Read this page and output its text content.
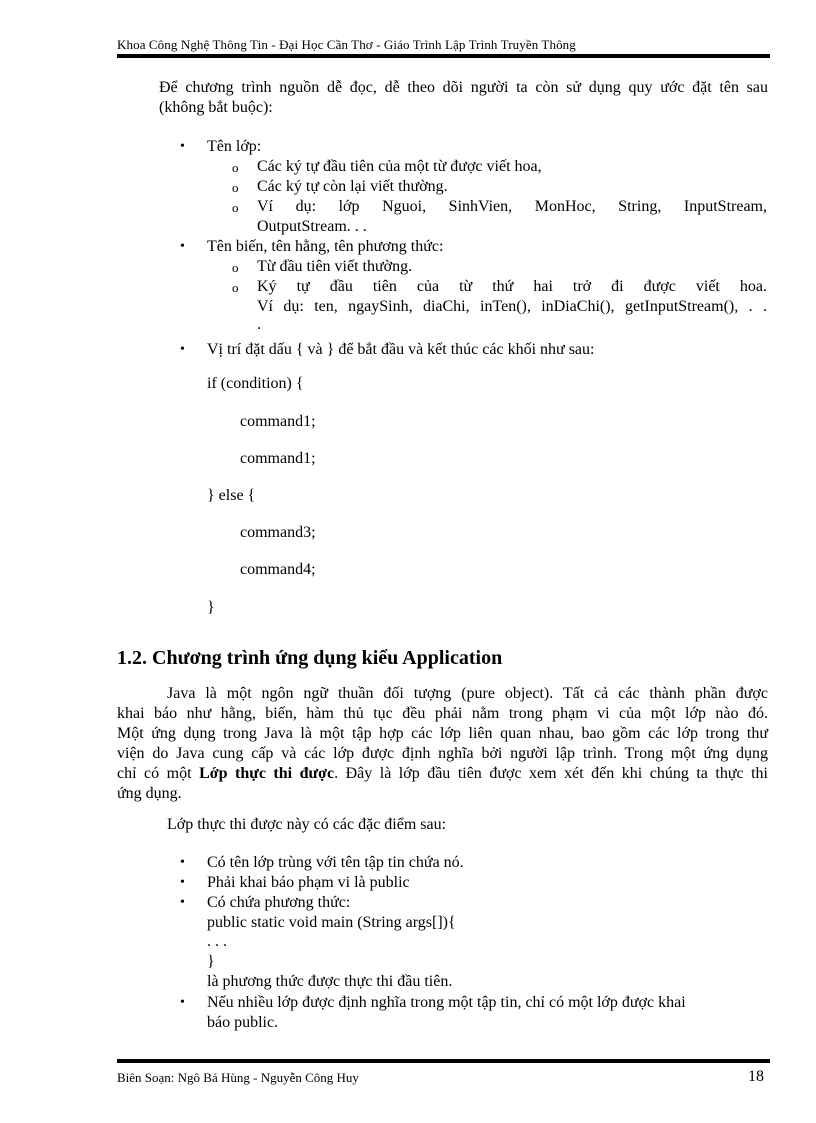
Khoa Công Nghệ Thông Tin - Đại Học Cần Thơ - Giáo Trình Lập Trình Truyền Thông
Để chương trình nguồn dễ đọc, dễ theo dõi người ta còn sử dụng quy ước đặt tên sau
(không bắt buộc):
• Tên lớp:
o Các ký tự đầu tiên của một từ được viết hoa,
o Các ký tự còn lại viết thường.
o Ví dụ: lớp Nguoi, SinhVien, MonHoc, String, InputStream,
OutputStream. . .
• Tên biến, tên hằng, tên phương thức:
o Từ đầu tiên viết thường.
o Ký tự đầu tiên của từ thứ hai trở đi được viết hoa.
Ví dụ: ten, ngaySinh, diaChi, inTen(), inDiaChi(), getInputStream(), . .
.
• Vị trí đặt dấu { và } để bắt đầu và kết thúc các khối như sau:
if (condition) {
command1;
command1;
} else {
command3;
command4;
}
1.2. Chương trình ứng dụng kiểu Application
Java là một ngôn ngữ thuần đối tượng (pure object). Tất cả các thành phần được
khai báo như hằng, biến, hàm thủ tục đều phải nằm trong phạm vi của một lớp nào đó.
Một ứng dụng trong Java là một tập hợp các lớp liên quan nhau, bao gồm các lớp trong thư
viện do Java cung cấp và các lớp được định nghĩa bởi người lập trình. Trong một ứng dụng
chỉ có một Lớp thực thi được. Đây là lớp đầu tiên được xem xét đến khi chúng ta thực thi
ứng dụng.
Lớp thực thi được này có các đặc điểm sau:
• Có tên lớp trùng với tên tập tin chứa nó.
• Phải khai báo phạm vi là public
• Có chứa phương thức:
public static void main (String args[]){
. . .
}
là phương thức được thực thi đầu tiên.
• Nếu nhiều lớp được định nghĩa trong một tập tin, chỉ có một lớp được khai
báo public.
Biên Soạn: Ngô Bá Hùng - Nguyễn Công Huy	18
